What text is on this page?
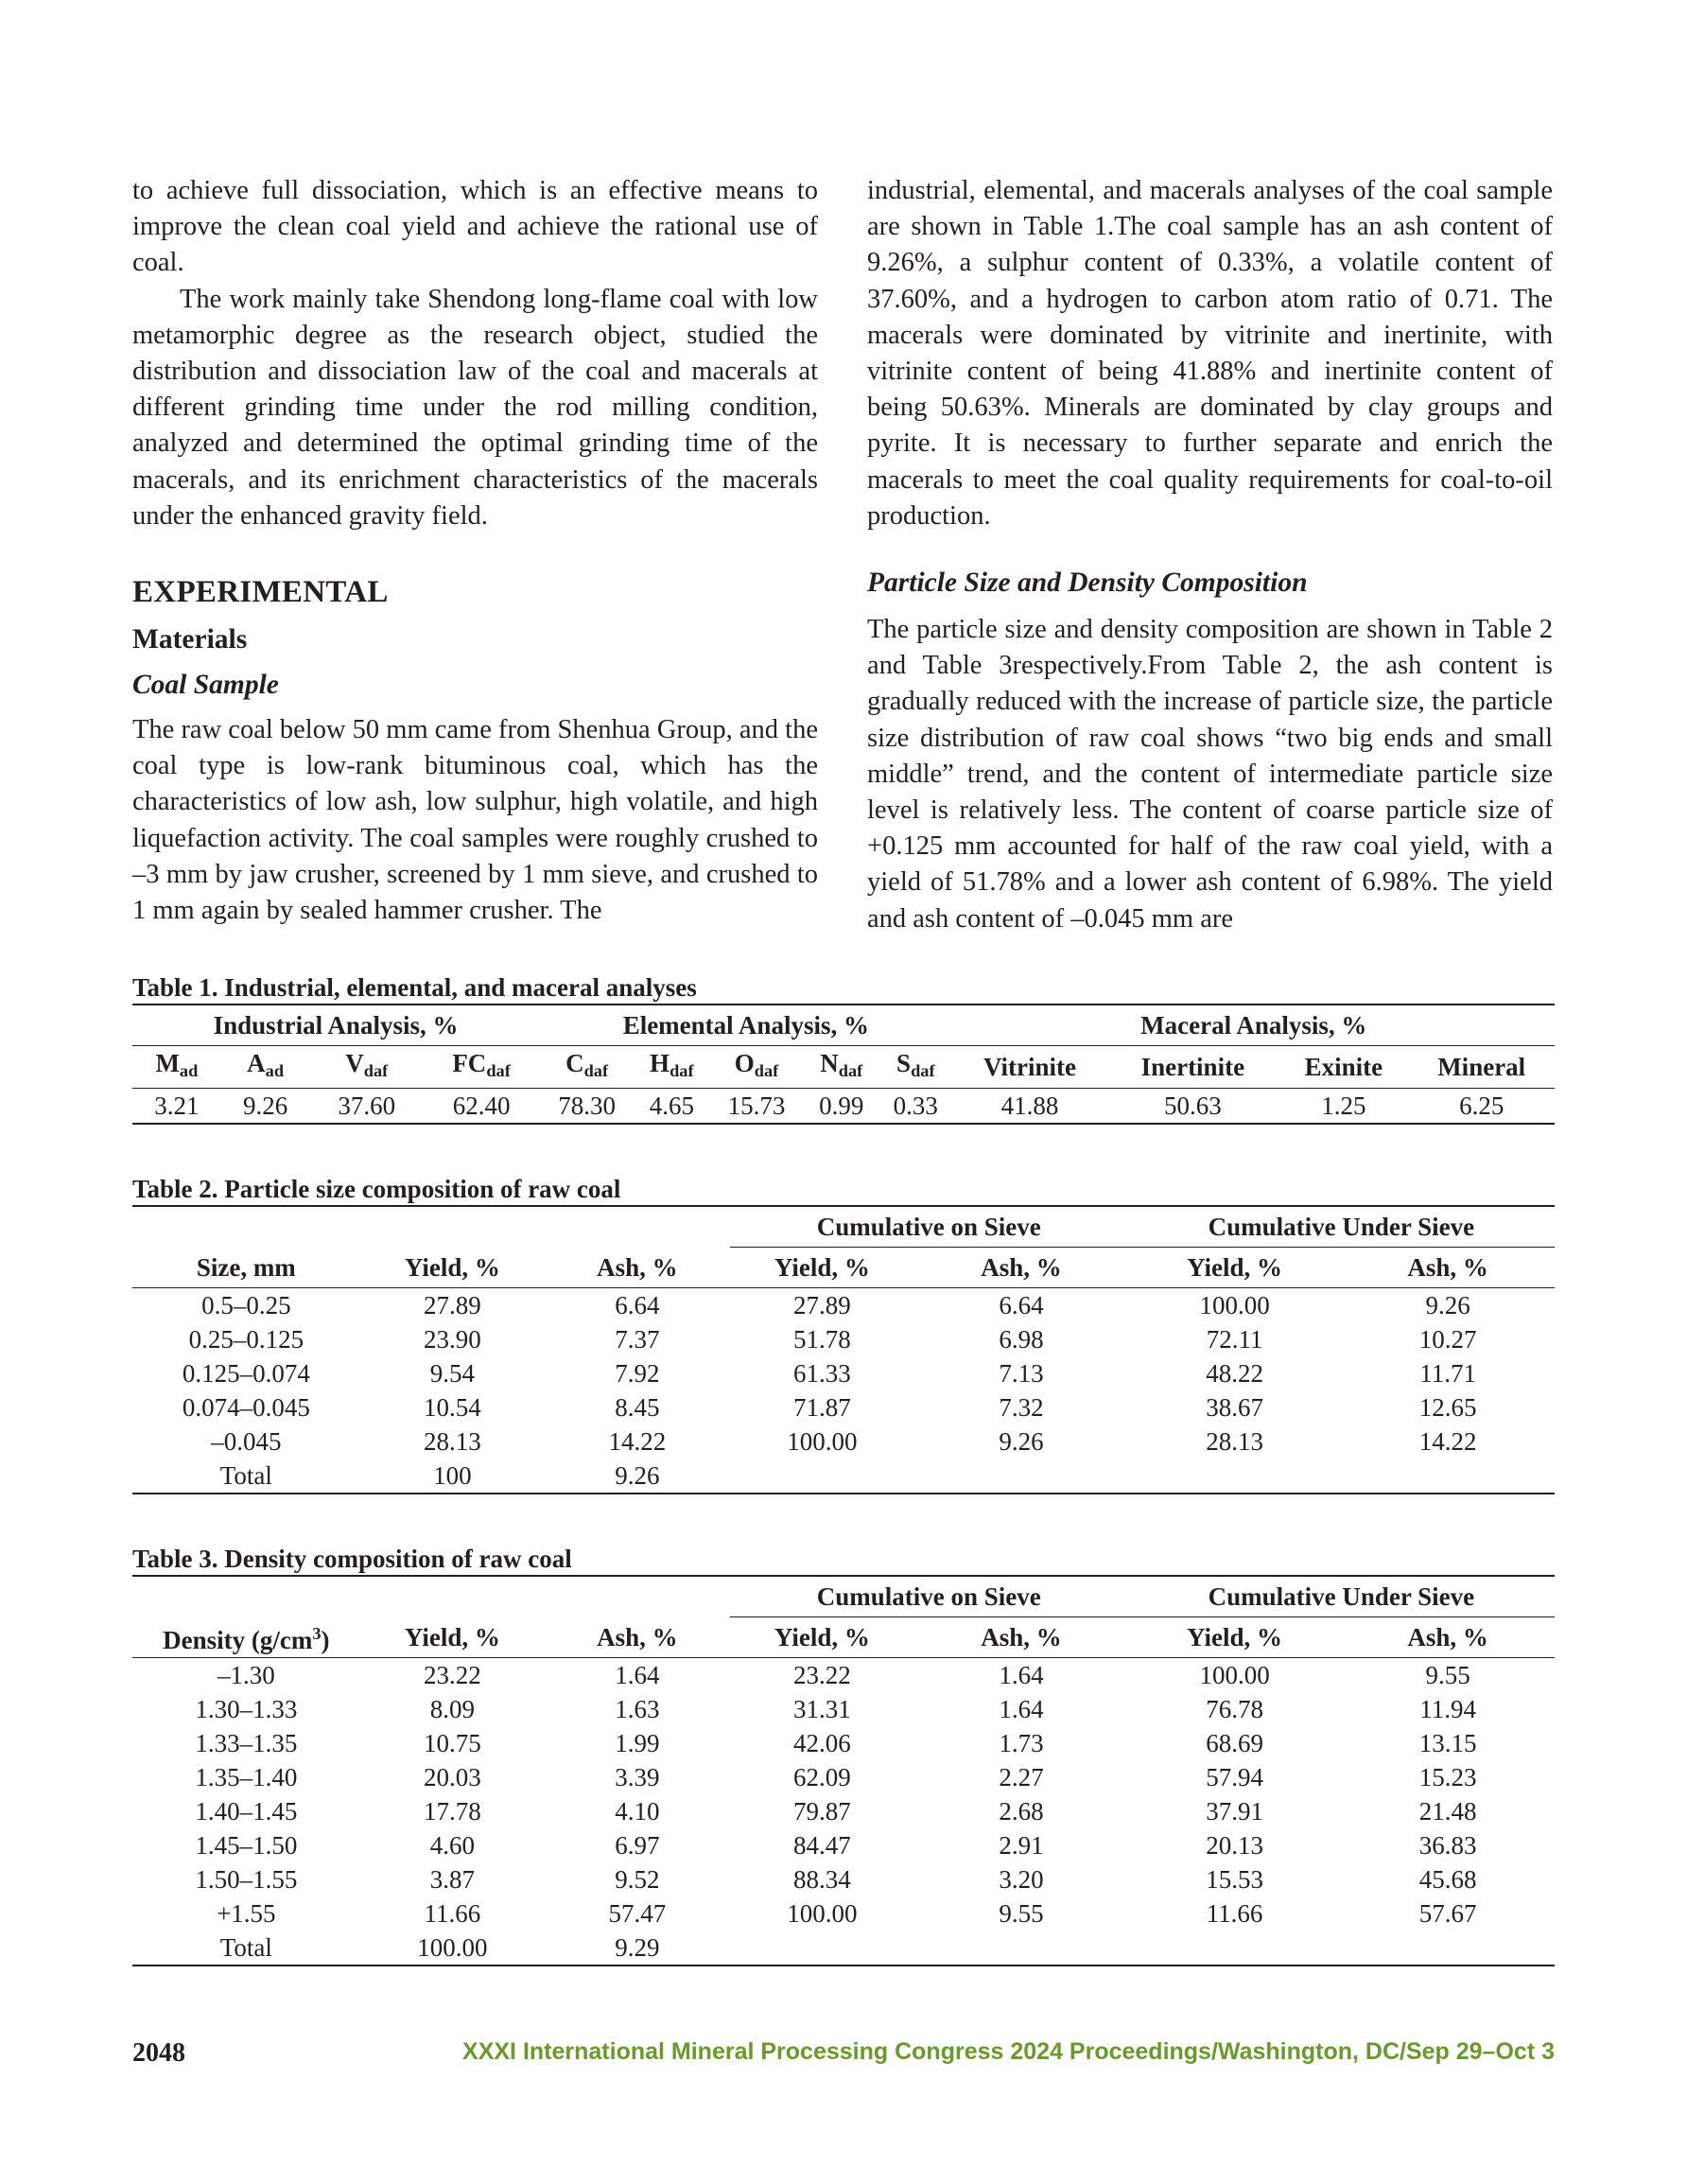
to achieve full dissociation, which is an effective means to improve the clean coal yield and achieve the rational use of coal.

The work mainly take Shendong long-flame coal with low metamorphic degree as the research object, studied the distribution and dissociation law of the coal and macerals at different grinding time under the rod milling condition, analyzed and determined the optimal grinding time of the macerals, and its enrichment characteristics of the macerals under the enhanced gravity field.

EXPERIMENTAL
Materials
Coal Sample

The raw coal below 50 mm came from Shenhua Group, and the coal type is low-rank bituminous coal, which has the characteristics of low ash, low sulphur, high volatile, and high liquefaction activity. The coal samples were roughly crushed to –3 mm by jaw crusher, screened by 1 mm sieve, and crushed to 1 mm again by sealed hammer crusher. The

industrial, elemental, and macerals analyses of the coal sample are shown in Table 1.The coal sample has an ash content of 9.26%, a sulphur content of 0.33%, a volatile content of 37.60%, and a hydrogen to carbon atom ratio of 0.71. The macerals were dominated by vitrinite and inertinite, with vitrinite content of being 41.88% and inertinite content of being 50.63%. Minerals are dominated by clay groups and pyrite. It is necessary to further separate and enrich the macerals to meet the coal quality requirements for coal-to-oil production.

Particle Size and Density Composition

The particle size and density composition are shown in Table 2 and Table 3respectively.From Table 2, the ash content is gradually reduced with the increase of particle size, the particle size distribution of raw coal shows “two big ends and small middle” trend, and the content of intermediate particle size level is relatively less. The content of coarse particle size of +0.125 mm accounted for half of the raw coal yield, with a yield of 51.78% and a lower ash content of 6.98%. The yield and ash content of –0.045 mm are

Table 1. Industrial, elemental, and maceral analyses
Industrial Analysis, %				Elemental Analysis, %					Maceral Analysis, %			
$M_{ad}$	$A_{ad}$	$V_{daf}$	$FC_{daf}$	$C_{daf}$	$H_{daf}$	$O_{daf}$	$N_{daf}$	$S_{daf}$	Vitrinite	Inertinite	Exinite	Mineral
3.21	9.26	37.60	62.40	78.30	4.65	15.73	0.99	0.33	41.88	50.63	1.25	6.25
Table 2. Particle size composition of raw coal
			Cumulative on Sieve		Cumulative Under Sieve	
Size, mm	Yield, %	Ash, %	Yield, %	Ash, %	Yield, %	Ash, %
0.5–0.25	27.89	6.64	27.89	6.64	100.00	9.26
0.25–0.125	23.90	7.37	51.78	6.98	72.11	10.27
0.125–0.074	9.54	7.92	61.33	7.13	48.22	11.71
0.074–0.045	10.54	8.45	71.87	7.32	38.67	12.65
–0.045	28.13	14.22	100.00	9.26	28.13	14.22
Total	100	9.26				
Table 3. Density composition of raw coal
			Cumulative on Sieve		Cumulative Under Sieve	
Density $(g/cm^3)$	Yield, %	Ash, %	Yield, %	Ash, %	Yield, %	Ash, %
–1.30	23.22	1.64	23.22	1.64	100.00	9.55
1.30–1.33	8.09	1.63	31.31	1.64	76.78	11.94
1.33–1.35	10.75	1.99	42.06	1.73	68.69	13.15
1.35–1.40	20.03	3.39	62.09	2.27	57.94	15.23
1.40–1.45	17.78	4.10	79.87	2.68	37.91	21.48
1.45–1.50	4.60	6.97	84.47	2.91	20.13	36.83
1.50–1.55	3.87	9.52	88.34	3.20	15.53	45.68
+1.55	11.66	57.47	100.00	9.55	11.66	57.67
Total	100.00	9.29				
2048	XXXI International Mineral Processing Congress 2024 Proceedings/Washington, DC/Sep 29–Oct 3
